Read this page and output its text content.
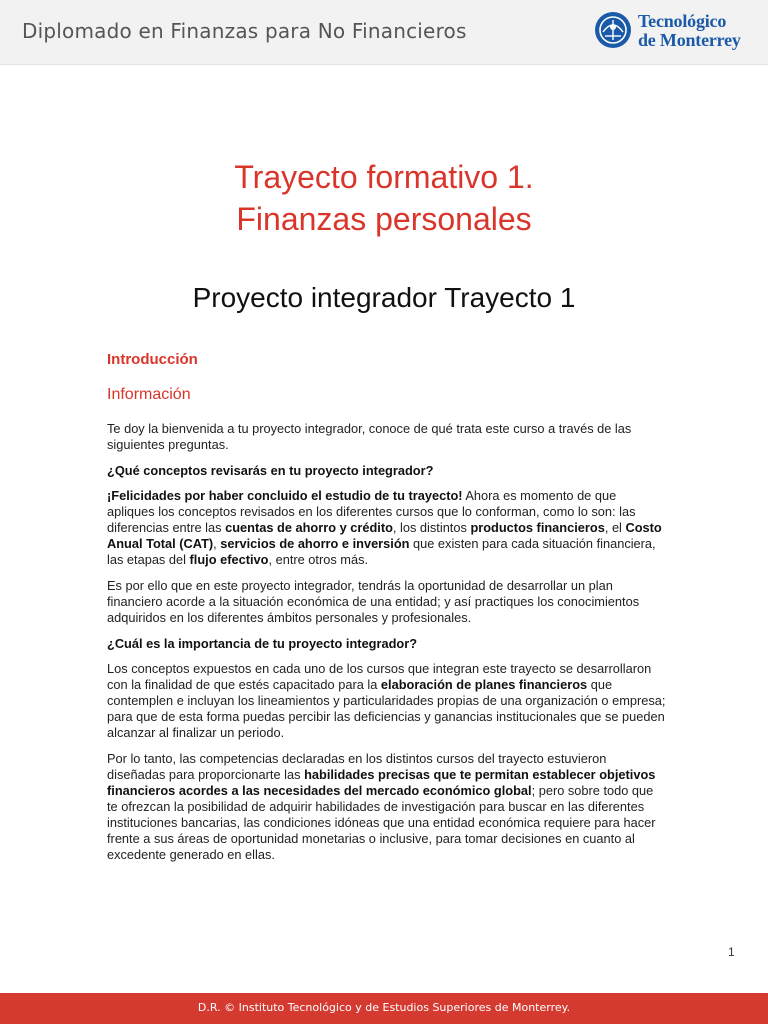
Diplomado en Finanzas para No Financieros	Tecnológico
de Monterrey
Trayecto formativo 1.
Finanzas personales
Proyecto integrador Trayecto 1
Introducción
Información

Te doy la bienvenida a tu proyecto integrador, conoce de qué trata este curso a través de las siguientes preguntas.

¿Qué conceptos revisarás en tu proyecto integrador?

¡Felicidades por haber concluido el estudio de tu trayecto! Ahora es momento de que apliques los conceptos revisados en los diferentes cursos que lo conforman, como lo son: las diferencias entre las cuentas de ahorro y crédito, los distintos productos financieros, el Costo Anual Total (CAT), servicios de ahorro e inversión que existen para cada situación financiera, las etapas del flujo efectivo, entre otros más.

Es por ello que en este proyecto integrador, tendrás la oportunidad de desarrollar un plan financiero acorde a la situación económica de una entidad; y así practiques los conocimientos adquiridos en los diferentes ámbitos personales y profesionales.

¿Cuál es la importancia de tu proyecto integrador?

Los conceptos expuestos en cada uno de los cursos que integran este trayecto se desarrollaron con la finalidad de que estés capacitado para la elaboración de planes financieros que contemplen e incluyan los lineamientos y particularidades propias de una organización o empresa; para que de esta forma puedas percibir las deficiencias y ganancias institucionales que se pueden alcanzar al finalizar un periodo.

Por lo tanto, las competencias declaradas en los distintos cursos del trayecto estuvieron diseñadas para proporcionarte las habilidades precisas que te permitan establecer objetivos financieros acordes a las necesidades del mercado económico global; pero sobre todo que te ofrezcan la posibilidad de adquirir habilidades de investigación para buscar en las diferentes instituciones bancarias, las condiciones idóneas que una entidad económica requiere para hacer frente a sus áreas de oportunidad monetarias o inclusive, para tomar decisiones en cuanto al excedente generado en ellas.

1
D.R. © Instituto Tecnológico y de Estudios Superiores de Monterrey.
